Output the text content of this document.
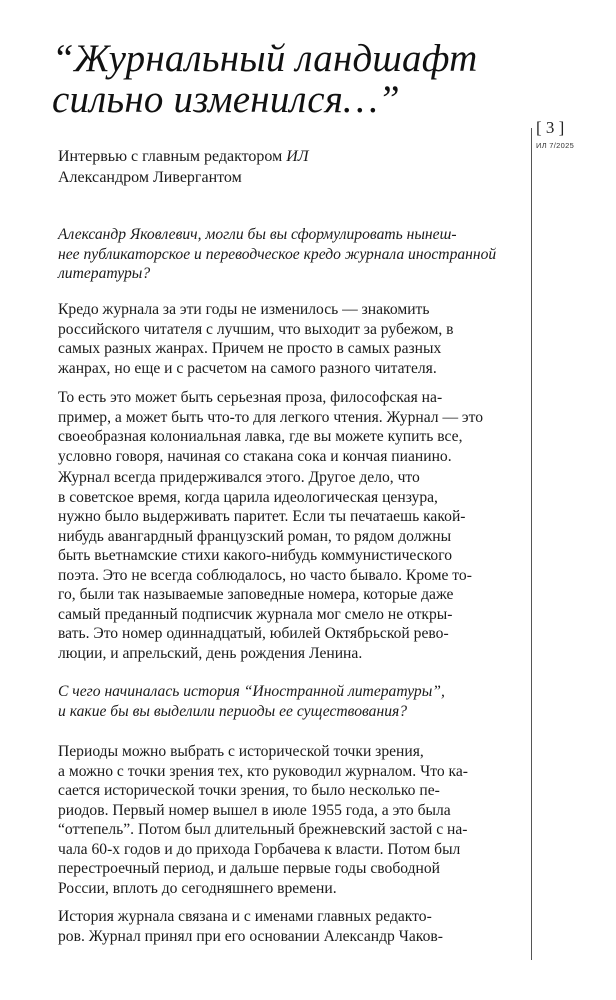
“Журнальный ландшафт
сильно изменился…”
[ 3 ]
ИЛ 7/2025
Интервью с главным редактором ИЛ
Александром Ливергантом
Александр Яковлевич, могли бы вы сформулировать нынеш-
нее публикаторское и переводческое кредо журнала иностранной
литературы?
Кредо журнала за эти годы не изменилось — знакомить
российского читателя с лучшим, что выходит за рубежом, в
самых разных жанрах. Причем не просто в самых разных
жанрах, но еще и с расчетом на самого разного читателя.
То есть это может быть серьезная проза, философская на-
пример, а может быть что-то для легкого чтения. Журнал — это
своеобразная колониальная лавка, где вы можете купить все,
условно говоря, начиная со стакана сока и кончая пианино.
Журнал всегда придерживался этого. Другое дело, что
в советское время, когда царила идеологическая цензура,
нужно было выдерживать паритет. Если ты печатаешь какой-
нибудь авангардный французский роман, то рядом должны
быть вьетнамские стихи какого-нибудь коммунистического
поэта. Это не всегда соблюдалось, но часто бывало. Кроме то-
го, были так называемые заповедные номера, которые даже
самый преданный подписчик журнала мог смело не откры-
вать. Это номер одиннадцатый, юбилей Октябрьской рево-
люции, и апрельский, день рождения Ленина.
С чего начиналась история “Иностранной литературы”,
и какие бы вы выделили периоды ее существования?
Периоды можно выбрать с исторической точки зрения,
а можно с точки зрения тех, кто руководил журналом. Что ка-
сается исторической точки зрения, то было несколько пе-
риодов. Первый номер вышел в июле 1955 года, а это была
“оттепель”. Потом был длительный брежневский застой с на-
чала 60-х годов и до прихода Горбачева к власти. Потом был
перестроечный период, и дальше первые годы свободной
России, вплоть до сегодняшнего времени.
История журнала связана и с именами главных редакто-
ров. Журнал принял при его основании Александр Чаков-
